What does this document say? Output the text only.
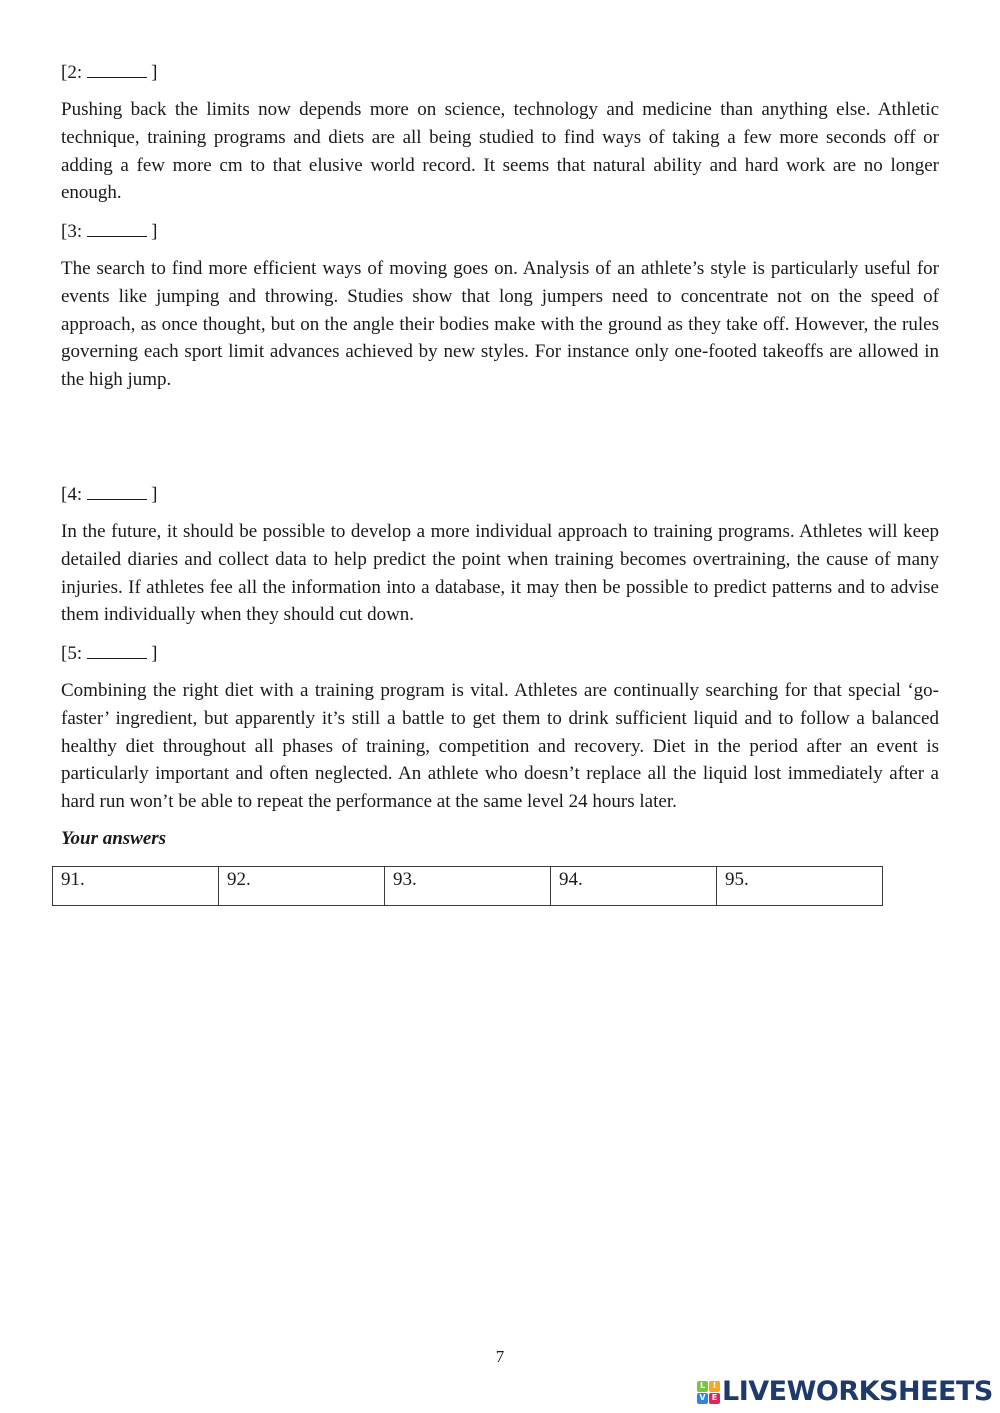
[2:	]

Pushing back the limits now depends more on science, technology and medicine than anything else. Athletic technique, training programs and diets are all being studied to find ways of taking a few more seconds off or adding a few more cm to that elusive world record. It seems that natural ability and hard work are no longer enough.

[3:	]

The search to find more efficient ways of moving goes on. Analysis of an athlete’s style is particularly useful for events like jumping and throwing. Studies show that long jumpers need to concentrate not on the speed of approach, as once thought, but on the angle their bodies make with the ground as they take off. However, the rules governing each sport limit advances achieved by new styles. For instance only one-footed takeoffs are allowed in the high jump.

[4:	]

In the future, it should be possible to develop a more individual approach to training programs. Athletes will keep detailed diaries and collect data to help predict the point when training becomes overtraining, the cause of many injuries. If athletes fee all the information into a database, it may then be possible to predict patterns and to advise them individually when they should cut down.

[5:	]

Combining the right diet with a training program is vital. Athletes are continually searching for that special ‘go-faster’ ingredient, but apparently it’s still a battle to get them to drink sufficient liquid and to follow a balanced healthy diet throughout all phases of training, competition and recovery. Diet in the period after an event is particularly important and often neglected. An athlete who doesn’t replace all the liquid lost immediately after a hard run won’t be able to repeat the performance at the same level 24 hours later.

Your answers
91.	92.	93.	94.	95.
7
L I
V E LIVEWORKSHEETS
